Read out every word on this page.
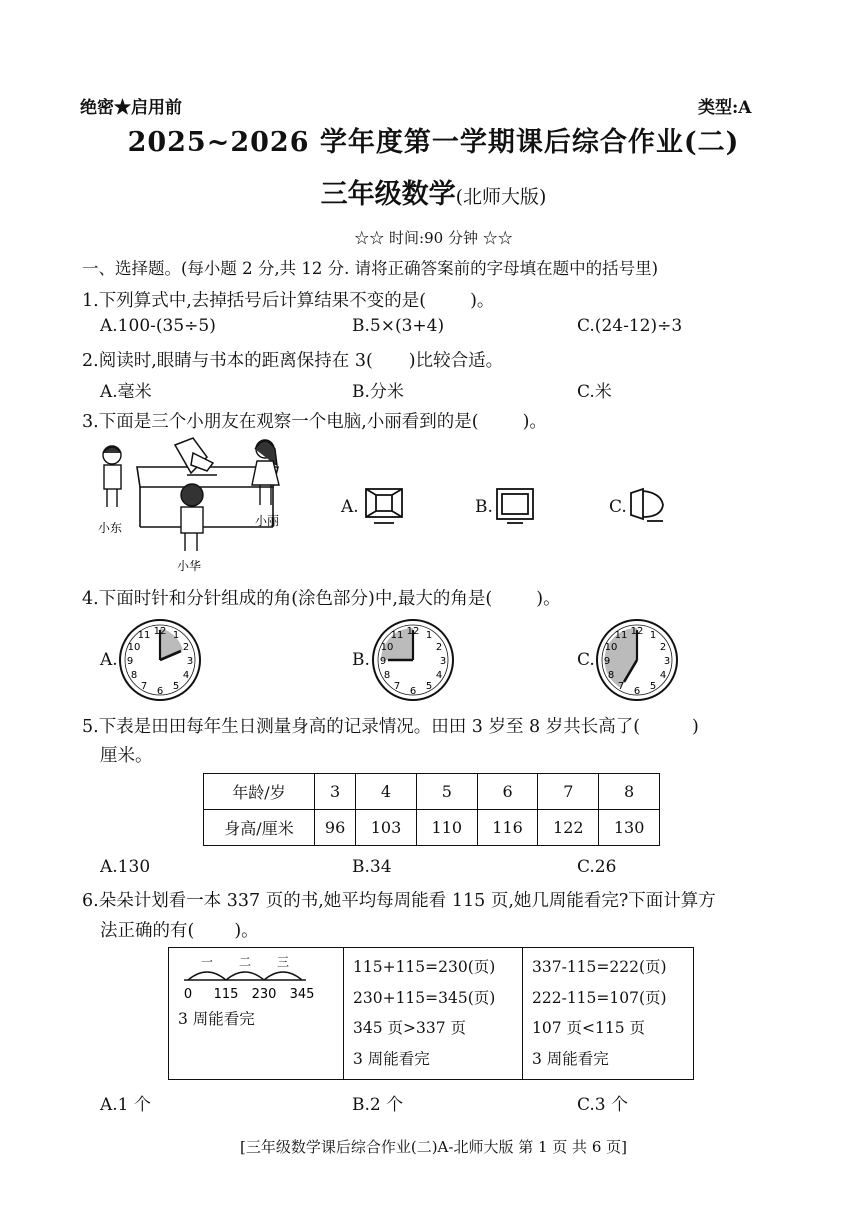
绝密★启用前	类型:A
2025~2026 学年度第一学期课后综合作业(二)
三年级数学(北师大版)
☆☆ 时间:90 分钟 ☆☆
一、选择题。(每小题 2 分,共 12 分. 请将正确答案前的字母填在题中的括号里)
1.下列算式中,去掉括号后计算结果不变的是(	)。
A.100-(35÷5)	B.5×(3+4)	C.(24-12)÷3
2.阅读时,眼睛与书本的距离保持在 3( )比较合适。
A.毫米	B.分米	C.米
3.下面是三个小朋友在观察一个电脑,小丽看到的是(	)。
小东	小丽
小华
A.	B.	C.
4.下面时针和分针组成的角(涂色部分)中,最大的角是(	)。
A.
12 1
2
3
4
5
6
7
8
9
10
11
B.
12 1
2
3
4
5
6
7
8
9
10
11
C.
12 1
2
3
4
5
6
7
8
9
10
11
5.下表是田田每年生日测量身高的记录情况。田田 3 岁至 8 岁共长高了(	)
厘米。
年龄/岁	3	4	5	6	7	8
身高/厘米	96	103	110	116	122	130
A.130	B.34	C.26
6.朵朵计划看一本 337 页的书,她平均每周能看 115 页,她几周能看完?下面计算方
法正确的有( )。
一 二 三
0 115 230 345
3 周能看完

115+115=230(页)
230+115=345(页)
345 页>337 页
3 周能看完

337-115=222(页)
222-115=107(页)
107 页<115 页
3 周能看完
A.1 个	B.2 个	C.3 个
[三年级数学课后综合作业(二)A-北师大版 第 1 页 共 6 页]
